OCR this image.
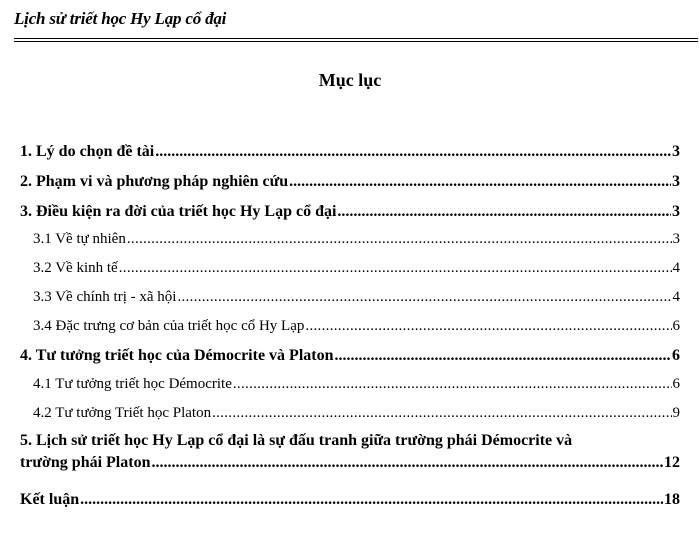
Lịch sử triết học Hy Lạp cổ đại
Mục lục
1. Lý do chọn đề tài .....	3
2. Phạm vi và phương pháp nghiên cứu .....	3
3. Điều kiện ra đời của triết học Hy Lạp cổ đại .....	3
3.1 Về tự nhiên .....	3
3.2 Về kinh tế .....	4
3.3 Về chính trị - xã hội .....	4
3.4 Đặc trưng cơ bản của triết học cổ Hy Lạp .....	6
4. Tư tưởng triết học của Démocrite và Platon .....	6
4.1 Tư tưởng triết học Démocrite .....	6
4.2 Tư tưởng Triết học Platon .....	9
5. Lịch sử triết học Hy Lạp cổ đại là sự đấu tranh giữa trường phái Démocrite và
trường phái Platon .....	12
Kết luận .....	18
